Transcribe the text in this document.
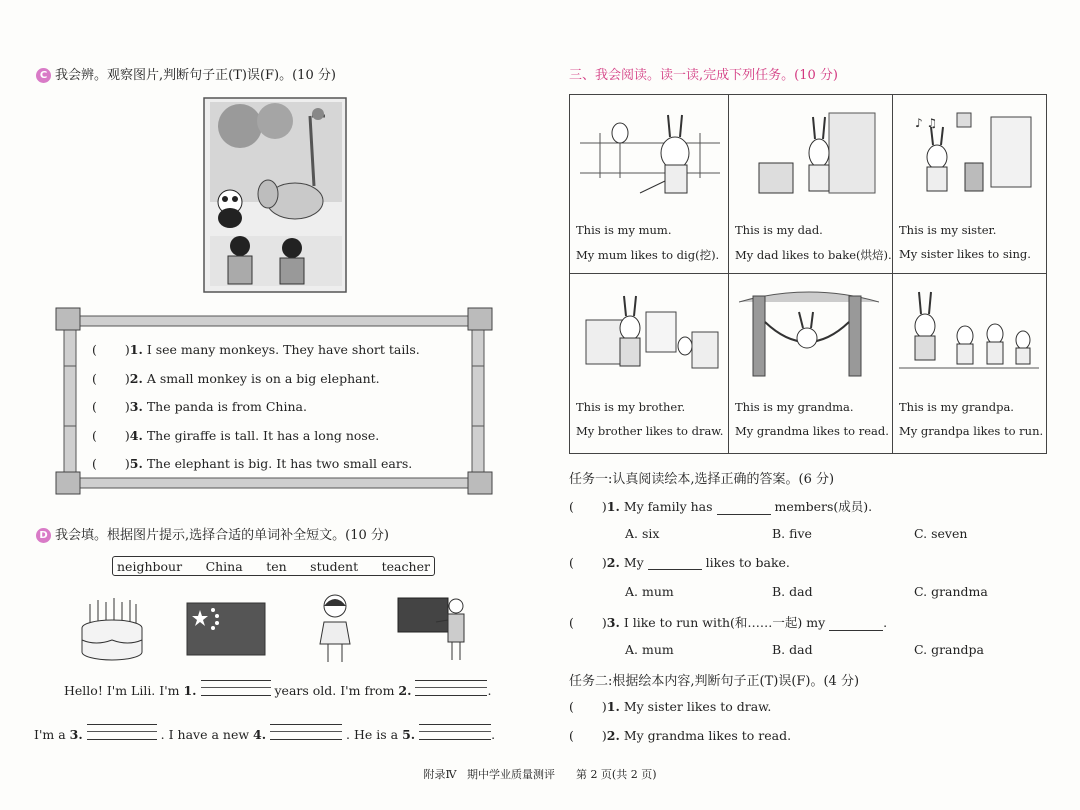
C 我会辨。观察图片,判断句子正(T)误(F)。(10 分)
( )1. I see many monkeys. They have short tails.
( )2. A small monkey is on a big elephant.
( )3. The panda is from China.
( )4. The giraffe is tall. It has a long nose.
( )5. The elephant is big. It has two small ears.
D 我会填。根据图片提示,选择合适的单词补全短文。(10 分)
neighbour China ten student teacher
Hello! I'm Lili. I'm 1.	years old. I'm from 2.	.
I'm a 3.	. I have a new 4.	. He is a 5.	.
三、我会阅读。读一读,完成下列任务。(10 分)
This is my mum.
My mum likes to dig(挖).
This is my dad.
My dad likes to bake(烘焙).
♪ ♫
This is my sister.
My sister likes to sing.
This is my brother.
My brother likes to draw.
This is my grandma.
My grandma likes to read.
This is my grandpa.
My grandpa likes to run.
任务一:认真阅读绘本,选择正确的答案。(6 分)
( )1. My family has	members(成员).
A. six	B. five	C. seven
( )2. My	likes to bake.
A. mum	B. dad	C. grandma
( )3. I like to run with(和……一起) my	.
A. mum	B. dad	C. grandpa
任务二:根据绘本内容,判断句子正(T)误(F)。(4 分)
( )1. My sister likes to draw.
( )2. My grandma likes to read.
附录Ⅳ   期中学业质量测评      第 2 页(共 2 页)
